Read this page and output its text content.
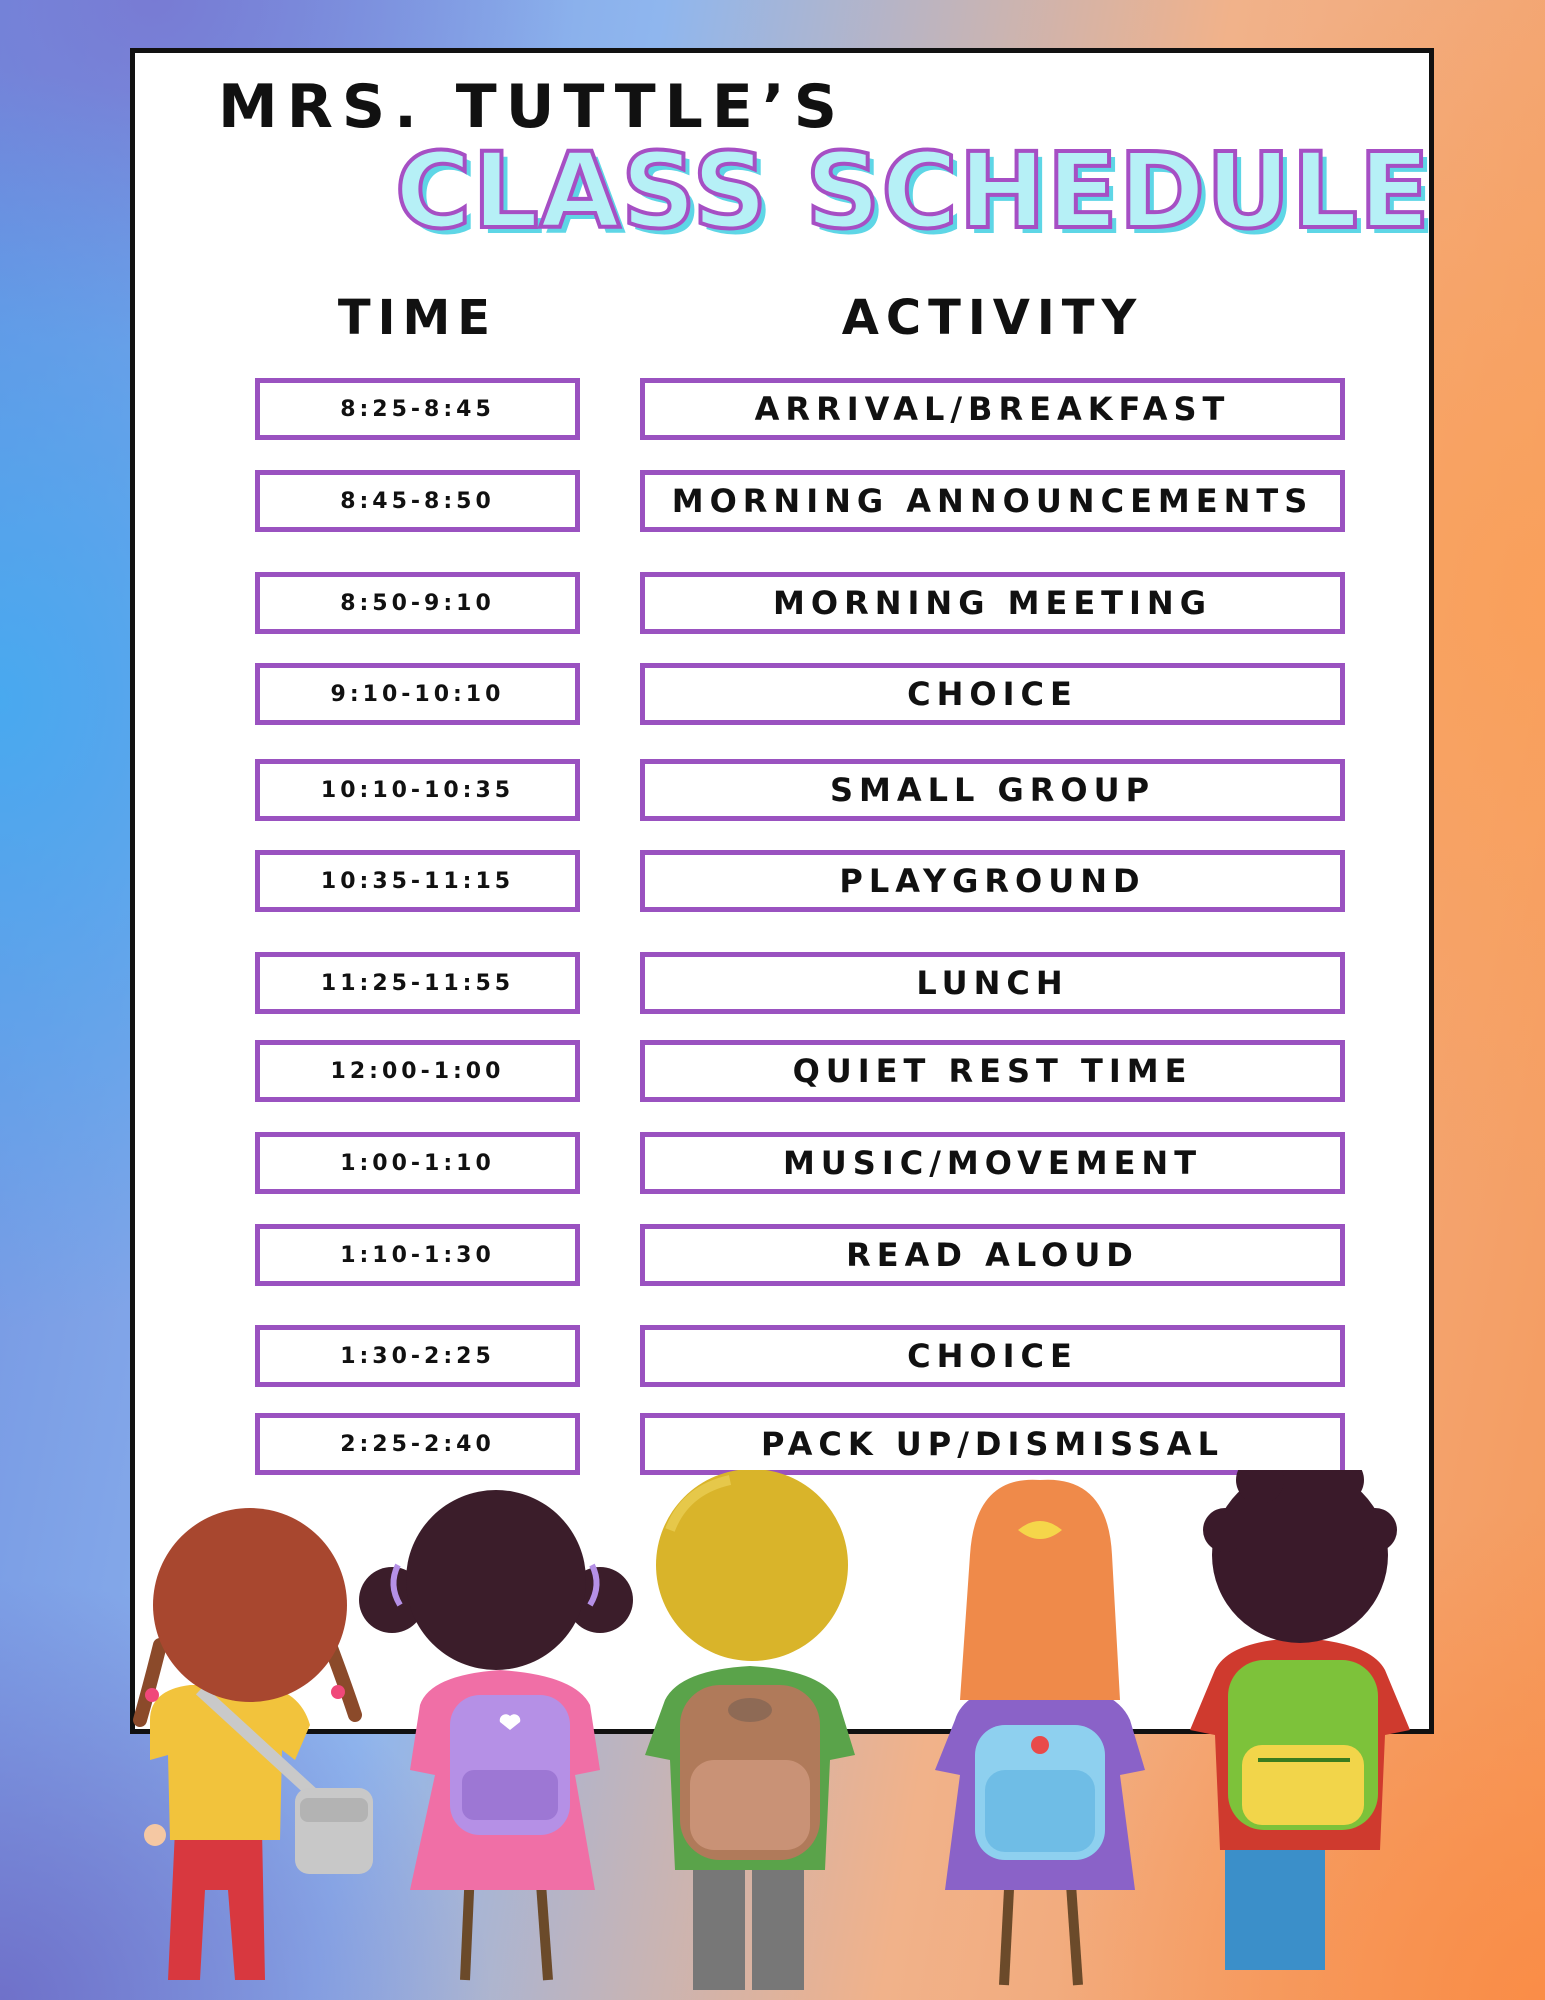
MRS. TUTTLE’S
CLASS SCHEDULE
TIME	ACTIVITY
8:25-8:45	ARRIVAL/BREAKFAST
8:45-8:50	MORNING ANNOUNCEMENTS
8:50-9:10	MORNING MEETING
9:10-10:10	CHOICE
10:10-10:35	SMALL GROUP
10:35-11:15	PLAYGROUND
11:25-11:55	LUNCH
12:00-1:00	QUIET REST TIME
1:00-1:10	MUSIC/MOVEMENT
1:10-1:30	READ ALOUD
1:30-2:25	CHOICE
2:25-2:40	PACK UP/DISMISSAL
